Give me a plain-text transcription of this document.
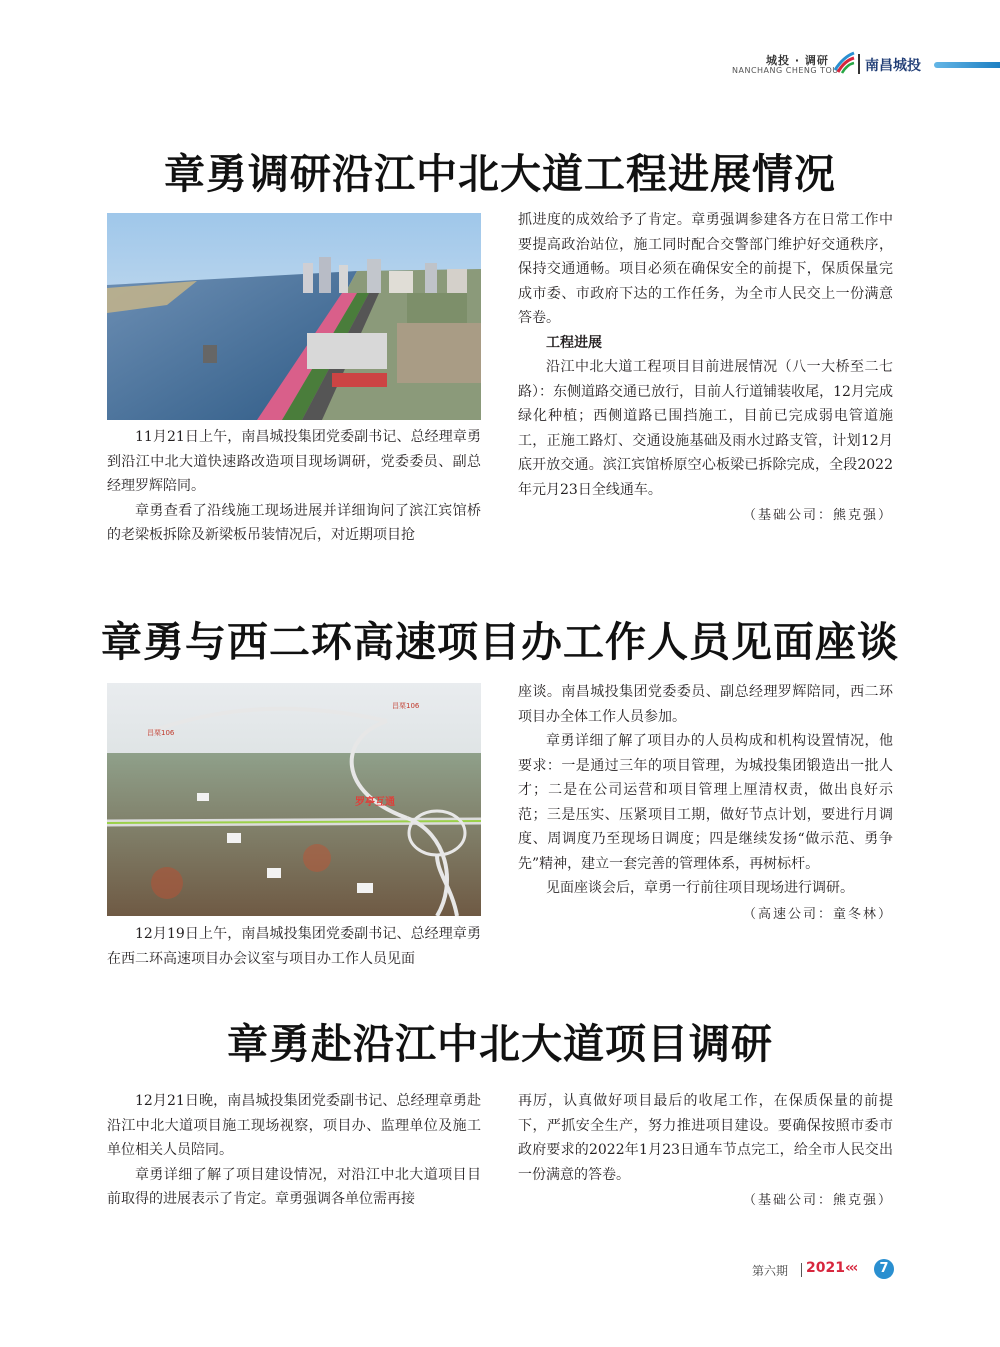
城投 · 调研
NANCHANG CHENG TOU 南昌城投
章勇调研沿江中北大道工程进展情况

11月21日上午，南昌城投集团党委副书记、总经理章勇到沿江中北大道快速路改造项目现场调研，党委委员、副总经理罗辉陪同。

章勇查看了沿线施工现场进展并详细询问了滨江宾馆桥的老梁板拆除及新梁板吊装情况后，对近期项目抢

抓进度的成效给予了肯定。章勇强调参建各方在日常工作中要提高政治站位，施工同时配合交警部门维护好交通秩序，保持交通通畅。项目必须在确保安全的前提下，保质保量完成市委、市政府下达的工作任务，为全市人民交上一份满意答卷。

工程进展

沿江中北大道工程项目目前进展情况（八一大桥至二七路）：东侧道路交通已放行，目前人行道铺装收尾，12月完成绿化种植；西侧道路已围挡施工，目前已完成弱电管道施工，正施工路灯、交通设施基础及雨水过路支管，计划12月底开放交通。滨江宾馆桥原空心板梁已拆除完成，全段2022年元月23日全线通车。

（基础公司：熊克强）
章勇与西二环高速项目办工作人员见面座谈
昌栗106
昌栗106
罗亭互通

12月19日上午，南昌城投集团党委副书记、总经理章勇在西二环高速项目办会议室与项目办工作人员见面

座谈。南昌城投集团党委委员、副总经理罗辉陪同，西二环项目办全体工作人员参加。

章勇详细了解了项目办的人员构成和机构设置情况，他要求：一是通过三年的项目管理，为城投集团锻造出一批人才；二是在公司运营和项目管理上厘清权责，做出良好示范；三是压实、压紧项目工期，做好节点计划，要进行月调度、周调度乃至现场日调度；四是继续发扬“做示范、勇争先”精神，建立一套完善的管理体系，再树标杆。

见面座谈会后，章勇一行前往项目现场进行调研。

（高速公司：童冬林）
章勇赴沿江中北大道项目调研

12月21日晚，南昌城投集团党委副书记、总经理章勇赴沿江中北大道项目施工现场视察，项目办、监理单位及施工单位相关人员陪同。

章勇详细了解了项目建设情况，对沿江中北大道项目目前取得的进展表示了肯定。章勇强调各单位需再接

再厉，认真做好项目最后的收尾工作，在保质保量的前提下，严抓安全生产，努力推进项目建设。要确保按照市委市政府要求的2022年1月23日通车节点完工，给全市人民交出一份满意的答卷。

（基础公司：熊克强）
第六期 2021 ‹‹‹	7
